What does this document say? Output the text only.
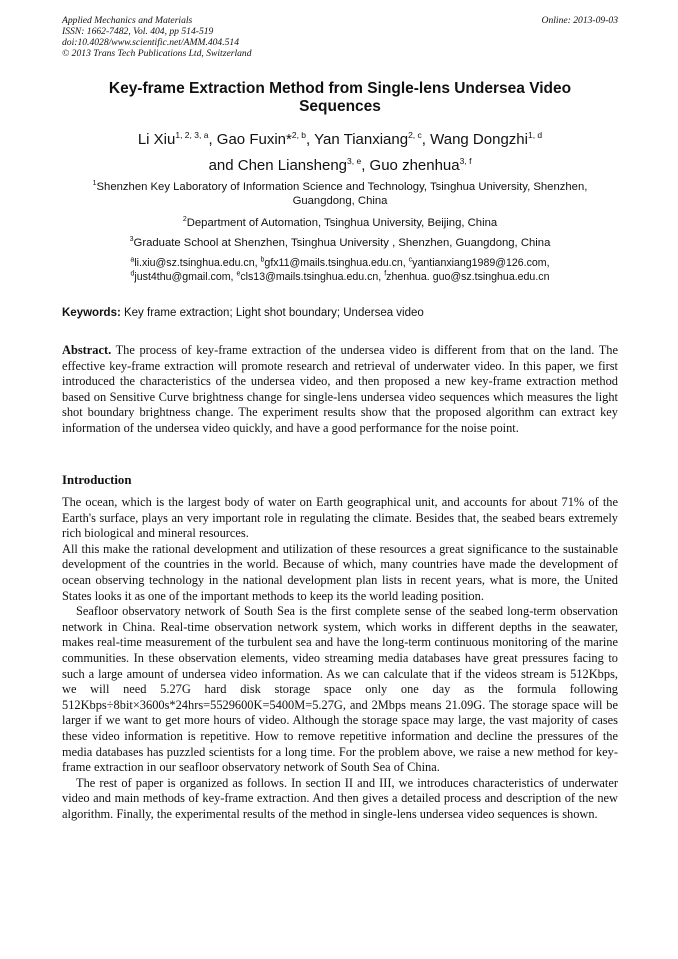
Applied Mechanics and Materials
ISSN: 1662-7482, Vol. 404, pp 514-519
doi:10.4028/www.scientific.net/AMM.404.514
© 2013 Trans Tech Publications Ltd, Switzerland
Online: 2013-09-03
Key-frame Extraction Method from Single-lens Undersea Video Sequences
Li Xiu$^{1, 2, 3, a}$, Gao Fuxin*$^{2, b}$, Yan Tianxiang$^{2, c}$, Wang Dongzhi$^{1, d}$
and Chen Liansheng$^{3, e}$, Guo zhenhua$^{3, f}$
$^1$Shenzhen Key Laboratory of Information Science and Technology, Tsinghua University, Shenzhen, Guangdong, China
$^2$Department of Automation, Tsinghua University, Beijing, China
$^3$Graduate School at Shenzhen, Tsinghua University , Shenzhen, Guangdong, China
$^a$li.xiu@sz.tsinghua.edu.cn, $^b$gfx11@mails.tsinghua.edu.cn, $^c$yantianxiang1989@126.com,
$^d$just4thu@gmail.com, $^e$cls13@mails.tsinghua.edu.cn, $^f$zhenhua. guo@sz.tsinghua.edu.cn
Keywords: Key frame extraction; Light shot boundary; Undersea video
Abstract. The process of key-frame extraction of the undersea video is different from that on the land. The effective key-frame extraction will promote research and retrieval of underwater video. In this paper, we first introduced the characteristics of the undersea video, and then proposed a new key-frame extraction method based on Sensitive Curve brightness change for single-lens undersea video sequences which measures the light shot boundary brightness change. The experiment results show that the proposed algorithm can extract key information of the undersea video quickly, and have a good performance for the noise point.
Introduction

The ocean, which is the largest body of water on Earth geographical unit, and accounts for about 71% of the Earth's surface, plays an very important role in regulating the climate. Besides that, the seabed bears extremely rich biological and mineral resources.

All this make the rational development and utilization of these resources a great significance to the sustainable development of the countries in the world. Because of which, many countries have made the development of ocean observing technology in the national development plan lists in recent years, what is more, the United States looks it as one of the important methods to keep its the world leading position.

Seafloor observatory network of South Sea is the first complete sense of the seabed long-term observation network in China. Real-time observation network system, which works in different depths in the seawater, makes real-time measurement of the turbulent sea and have the long-term continuous monitoring of the marine communities. In these observation elements, video streaming media databases have great pressures facing to such a large amount of undersea video information. As we can calculate that if the videos stream is 512Kbps, we will need 5.27G hard disk storage space only one day as the formula following 512Kbps÷8bit×3600s*24hrs=5529600K=5400M=5.27G, and 2Mbps means 21.09G. The storage space will be larger if we want to get more hours of video. Although the storage space may large, the vast majority of cases these video information is repetitive. How to remove repetitive information and decline the pressures of the media databases has puzzled scientists for a long time. For the problem above, we raise a new method for key-frame extraction in our seafloor observatory network of South Sea of China.

The rest of paper is organized as follows. In section II and III, we introduces characteristics of underwater video and main methods of key-frame extraction. And then gives a detailed process and description of the new algorithm. Finally, the experimental results of the method in single-lens undersea video sequences is shown.
